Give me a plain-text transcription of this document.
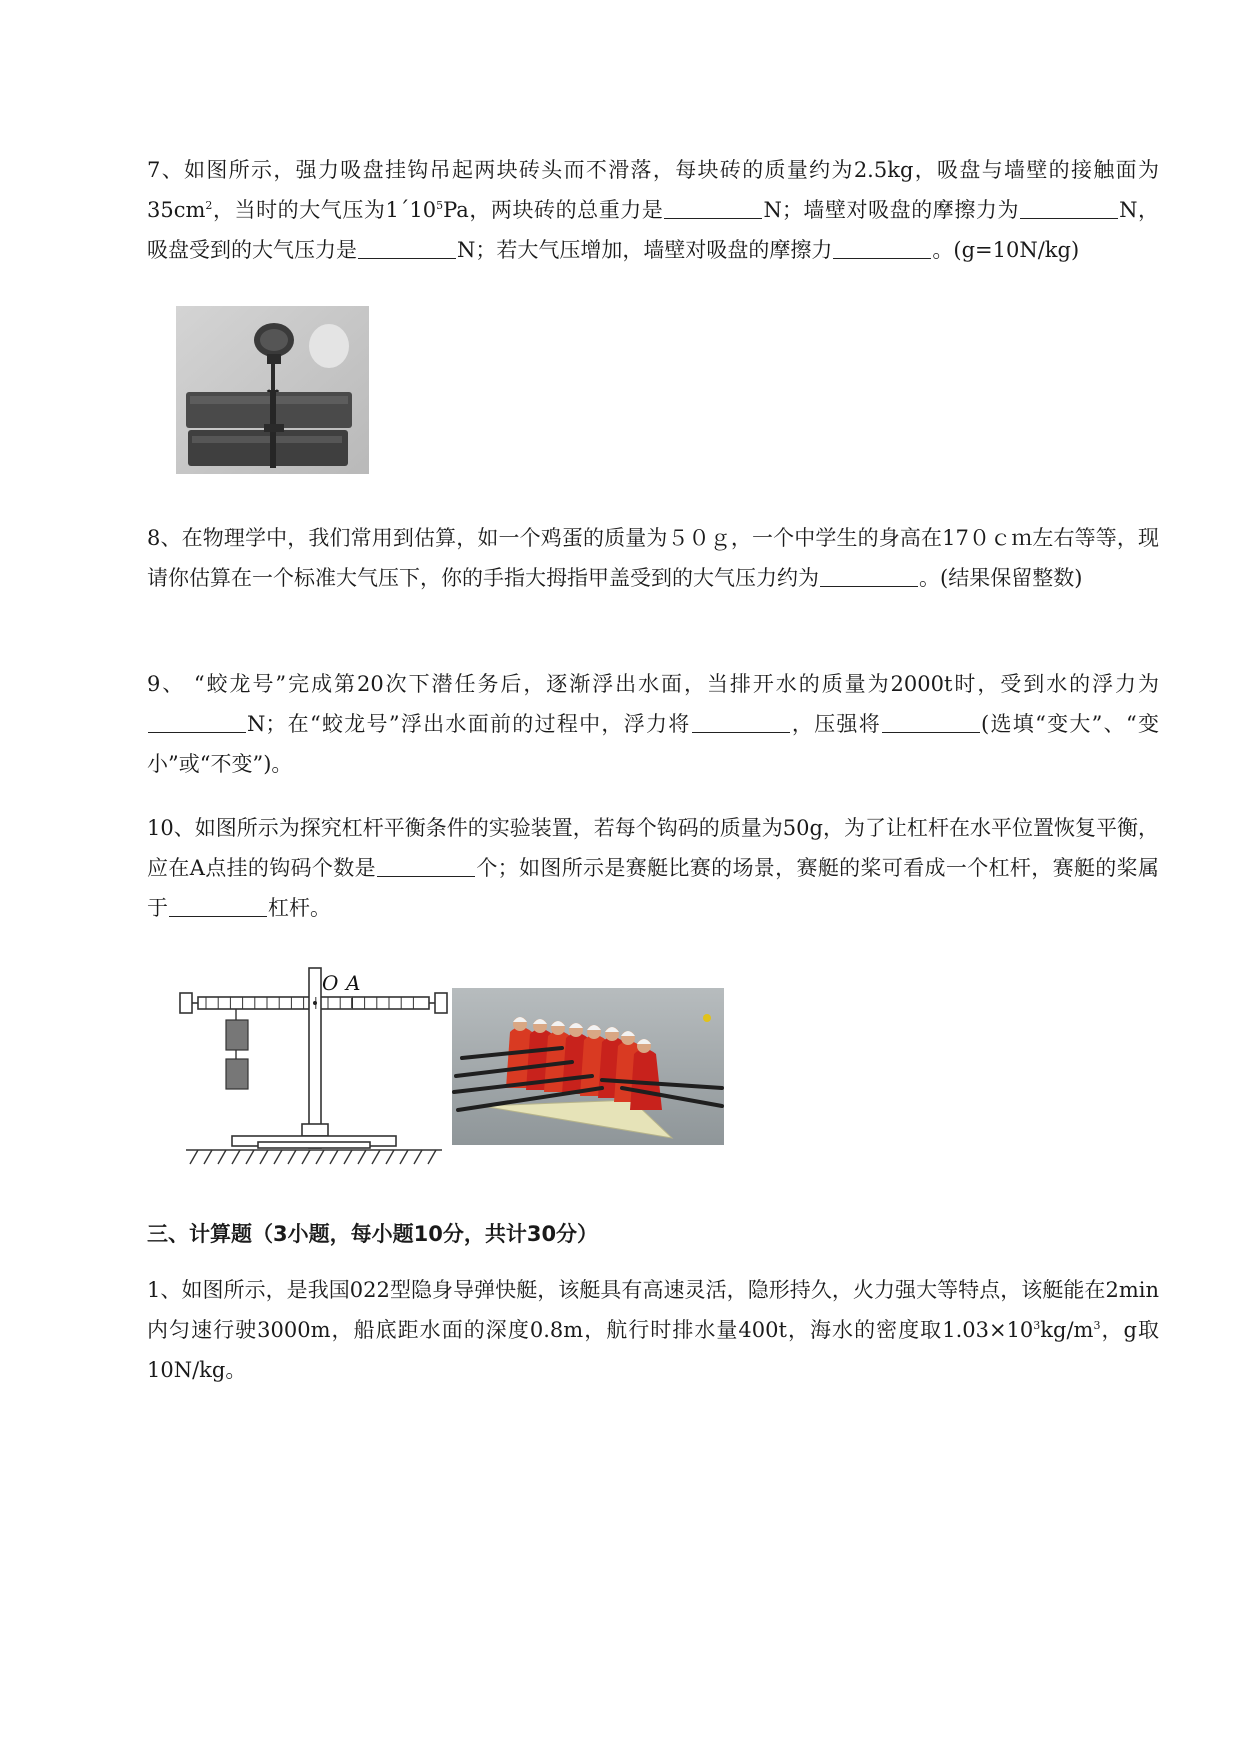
7、如图所示，强力吸盘挂钩吊起两块砖头而不滑落，每块砖的质量约为2.5kg，吸盘与墙壁的接触面为$35cm^2$，当时的大气压为$1´10^5Pa$，两块砖的总重力是	N；墙壁对吸盘的摩擦力为	N，吸盘受到的大气压力是	N；若大气压增加，墙壁对吸盘的摩擦力	。(g=10N/kg)
8、在物理学中，我们常用到估算，如一个鸡蛋的质量为５０ｇ，一个中学生的身高在17０ｃｍ左右等等，现请你估算在一个标准大气压下，你的手指大拇指甲盖受到的大气压力约为	。(结果保留整数)
9、 “蛟龙号”完成第20次下潜任务后，逐渐浮出水面，当排开水的质量为2000t时，受到水的浮力为N；在“蛟龙号”浮出水面前的过程中，浮力将	，压强将	(选填“变大”、“变小”或“不变”)。
10、如图所示为探究杠杆平衡条件的实验装置，若每个钩码的质量为50g，为了让杠杆在水平位置恢复平衡，应在A点挂的钩码个数是	个；如图所示是赛艇比赛的场景，赛艇的桨可看成一个杠杆，赛艇的桨属于	杠杆。
O A
三、计算题（3小题，每小题10分，共计30分）
1、如图所示，是我国022型隐身导弹快艇，该艇具有高速灵活，隐形持久，火力强大等特点，该艇能在2min内匀速行驶3000m，船底距水面的深度0.8m，航行时排水量400t，海水的密度取$1.03\times 10^3kg/m^3$，g取10N/kg。
